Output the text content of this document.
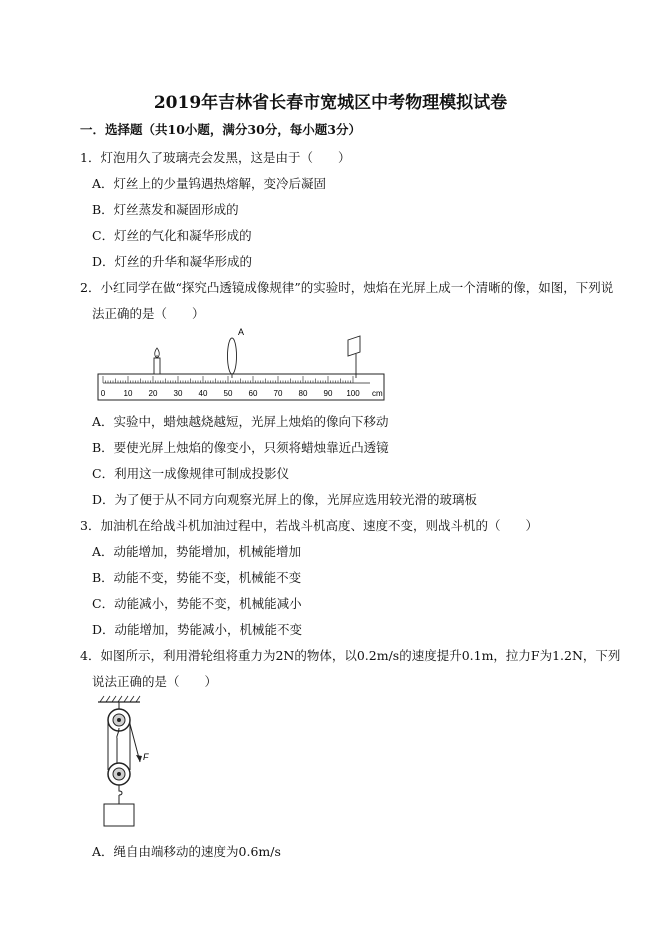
2019年吉林省长春市宽城区中考物理模拟试卷
一．选择题（共10小题，满分30分，每小题3分）
1．灯泡用久了玻璃壳会发黑，这是由于（　　）
A．灯丝上的少量钨遇热熔解，变冷后凝固
B．灯丝蒸发和凝固形成的
C．灯丝的气化和凝华形成的
D．灯丝的升华和凝华形成的
2．小红同学在做“探究凸透镜成像规律”的实验时，烛焰在光屏上成一个清晰的像，如图，下列说
法正确的是（　　）
0 10 20 30 40 50 60 70 80 90 100 cm
A
A．实验中，蜡烛越烧越短，光屏上烛焰的像向下移动
B．要使光屏上烛焰的像变小，只须将蜡烛靠近凸透镜
C．利用这一成像规律可制成投影仪
D．为了便于从不同方向观察光屏上的像，光屏应选用较光滑的玻璃板
3．加油机在给战斗机加油过程中，若战斗机高度、速度不变，则战斗机的（　　）
A．动能增加，势能增加，机械能增加
B．动能不变，势能不变，机械能不变
C．动能减小，势能不变，机械能减小
D．动能增加，势能减小，机械能不变
4．如图所示，利用滑轮组将重力为2N的物体，以0.2m/s的速度提升0.1m，拉力F为1.2N，下列
说法正确的是（　　）
F
A．绳自由端移动的速度为0.6m/s
